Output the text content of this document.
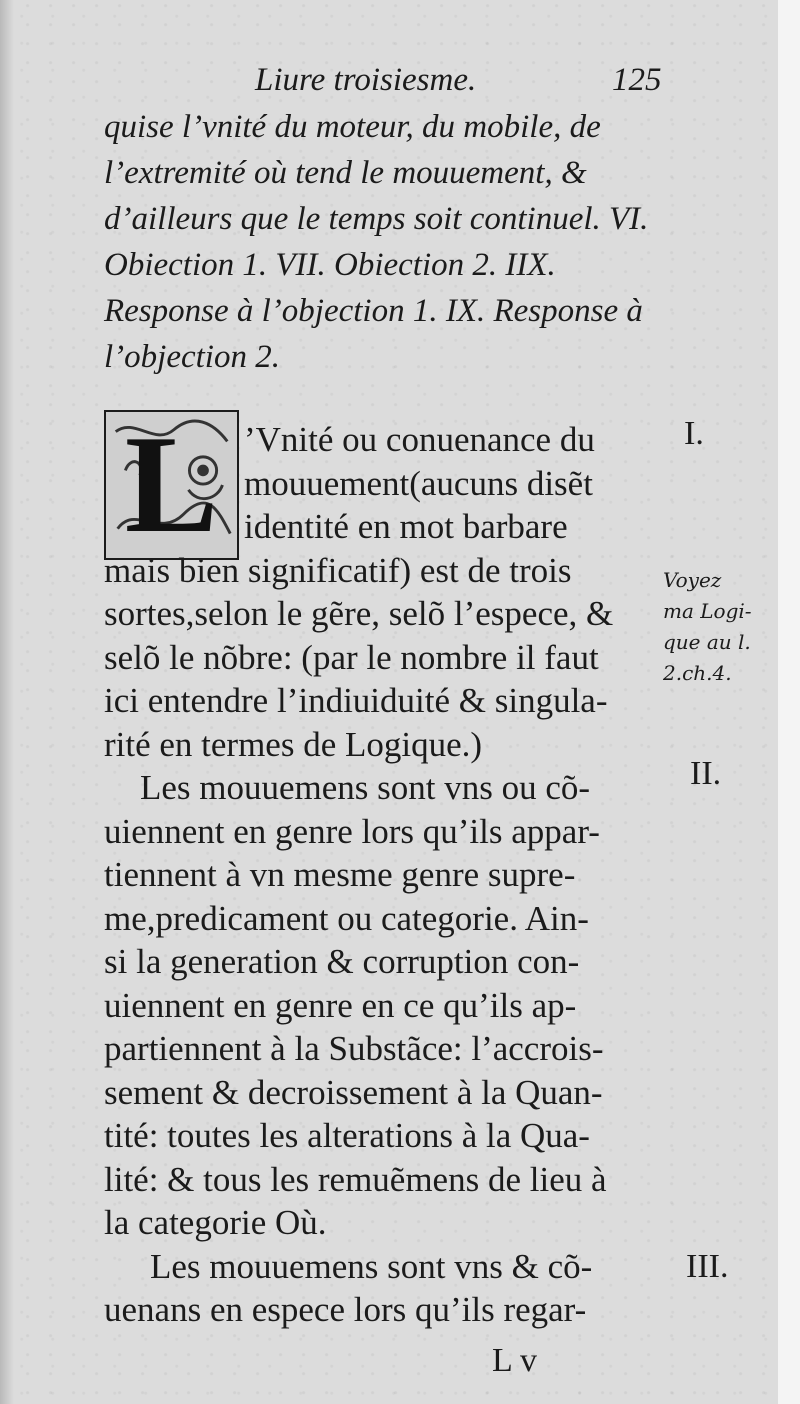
Liure troisiesme.	125
quise l’vnité du moteur, du mobile, de
l’extremité où tend le mouuement, &
d’ailleurs que le temps soit continuel. VI.
Obiection 1. VII. Obiection 2. IIX.
Response à l’objection 1. IX. Response à
l’objection 2.
L ’Vnité ou conuenance du
mouuement(aucuns disẽt
identité en mot barbare
mais bien significatif) est de trois
sortes,selon le gẽre, selõ l’espece, &
selõ le nõbre: (par le nombre il faut
ici entendre l’indiuiduité & singula-
rité en termes de Logique.)
Les mouuemens sont vns ou cõ-
uiennent en genre lors qu’ils appar-
tiennent à vn mesme genre supre-
me,predicament ou categorie. Ain-
si la generation & corruption con-
uiennent en genre en ce qu’ils ap-
partiennent à la Substãce: l’accrois-
sement & decroissement à la Quan-
tité: toutes les alterations à la Qua-
lité: & tous les remuẽmens de lieu à
la categorie Où.
Les mouuemens sont vns & cõ-
uenans en espece lors qu’ils regar-
I.
II.
III.
Voyez
ma Logi-
que au l.
2.ch.4.
L v
